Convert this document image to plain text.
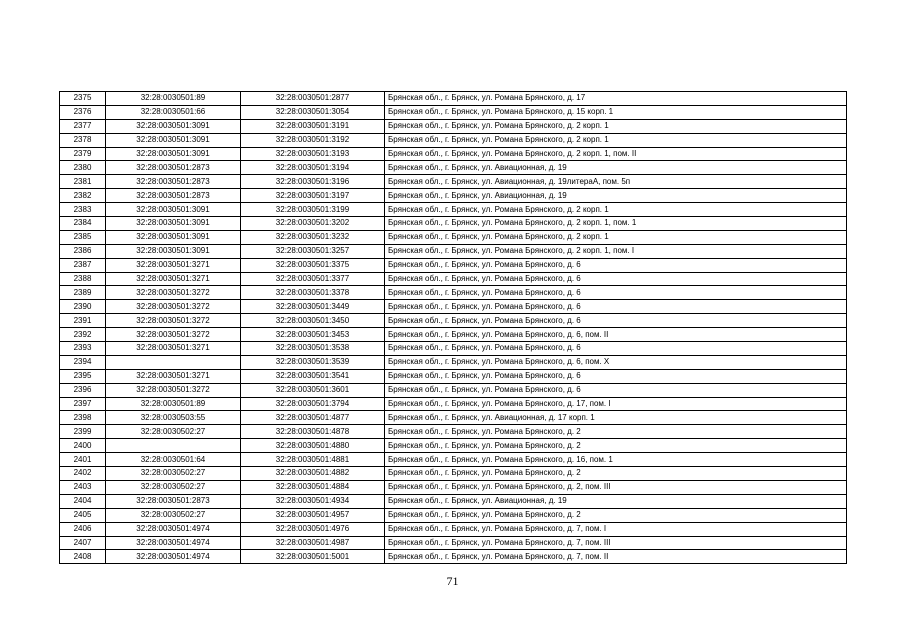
2375	32:28:0030501:89	32:28:0030501:2877	Брянская обл., г. Брянск, ул. Романа Брянского, д. 17
2376	32:28:0030501:66	32:28:0030501:3054	Брянская обл., г. Брянск, ул. Романа Брянского, д. 15 корп. 1
2377	32:28:0030501:3091	32:28:0030501:3191	Брянская обл., г. Брянск, ул. Романа Брянского, д. 2 корп. 1
2378	32:28:0030501:3091	32:28:0030501:3192	Брянская обл., г. Брянск, ул. Романа Брянского, д. 2 корп. 1
2379	32:28:0030501:3091	32:28:0030501:3193	Брянская обл., г. Брянск, ул. Романа Брянского, д. 2 корп. 1, пом. II
2380	32:28:0030501:2873	32:28:0030501:3194	Брянская обл., г. Брянск, ул. Авиационная, д. 19
2381	32:28:0030501:2873	32:28:0030501:3196	Брянская обл., г. Брянск, ул. Авиационная, д. 19литераА, пом. 5п
2382	32:28:0030501:2873	32:28:0030501:3197	Брянская обл., г. Брянск, ул. Авиационная, д. 19
2383	32:28:0030501:3091	32:28:0030501:3199	Брянская обл., г. Брянск, ул. Романа Брянского, д. 2 корп. 1
2384	32:28:0030501:3091	32:28:0030501:3202	Брянская обл., г. Брянск, ул. Романа Брянского, д. 2 корп. 1, пом. 1
2385	32:28:0030501:3091	32:28:0030501:3232	Брянская обл., г. Брянск, ул. Романа Брянского, д. 2 корп. 1
2386	32:28:0030501:3091	32:28:0030501:3257	Брянская обл., г. Брянск, ул. Романа Брянского, д. 2 корп. 1, пом. I
2387	32:28:0030501:3271	32:28:0030501:3375	Брянская обл., г. Брянск, ул. Романа Брянского, д. 6
2388	32:28:0030501:3271	32:28:0030501:3377	Брянская обл., г. Брянск, ул. Романа Брянского, д. 6
2389	32:28:0030501:3272	32:28:0030501:3378	Брянская обл., г. Брянск, ул. Романа Брянского, д. 6
2390	32:28:0030501:3272	32:28:0030501:3449	Брянская обл., г. Брянск, ул. Романа Брянского, д. 6
2391	32:28:0030501:3272	32:28:0030501:3450	Брянская обл., г. Брянск, ул. Романа Брянского, д. 6
2392	32:28:0030501:3272	32:28:0030501:3453	Брянская обл., г. Брянск, ул. Романа Брянского, д. 6, пом. II
2393	32:28:0030501:3271	32:28:0030501:3538	Брянская обл., г. Брянск, ул. Романа Брянского, д. 6
2394		32:28:0030501:3539	Брянская обл., г. Брянск, ул. Романа Брянского, д. 6, пом. X
2395	32:28:0030501:3271	32:28:0030501:3541	Брянская обл., г. Брянск, ул. Романа Брянского, д. 6
2396	32:28:0030501:3272	32:28:0030501:3601	Брянская обл., г. Брянск, ул. Романа Брянского, д. 6
2397	32:28:0030501:89	32:28:0030501:3794	Брянская обл., г. Брянск, ул. Романа Брянского, д. 17, пом. I
2398	32:28:0030503:55	32:28:0030501:4877	Брянская обл., г. Брянск, ул. Авиационная, д. 17 корп. 1
2399	32:28:0030502:27	32:28:0030501:4878	Брянская обл., г. Брянск, ул. Романа Брянского, д. 2
2400		32:28:0030501:4880	Брянская обл., г. Брянск, ул. Романа Брянского, д. 2
2401	32:28:0030501:64	32:28:0030501:4881	Брянская обл., г. Брянск, ул. Романа Брянского, д. 16, пом. 1
2402	32:28:0030502:27	32:28:0030501:4882	Брянская обл., г. Брянск, ул. Романа Брянского, д. 2
2403	32:28:0030502:27	32:28:0030501:4884	Брянская обл., г. Брянск, ул. Романа Брянского, д. 2, пом. III
2404	32:28:0030501:2873	32:28:0030501:4934	Брянская обл., г. Брянск, ул. Авиационная, д. 19
2405	32:28:0030502:27	32:28:0030501:4957	Брянская обл., г. Брянск, ул. Романа Брянского, д. 2
2406	32:28:0030501:4974	32:28:0030501:4976	Брянская обл., г. Брянск, ул. Романа Брянского, д. 7, пом. I
2407	32:28:0030501:4974	32:28:0030501:4987	Брянская обл., г. Брянск, ул. Романа Брянского, д. 7, пом. III
2408	32:28:0030501:4974	32:28:0030501:5001	Брянская обл., г. Брянск, ул. Романа Брянского, д. 7, пом. II
71
